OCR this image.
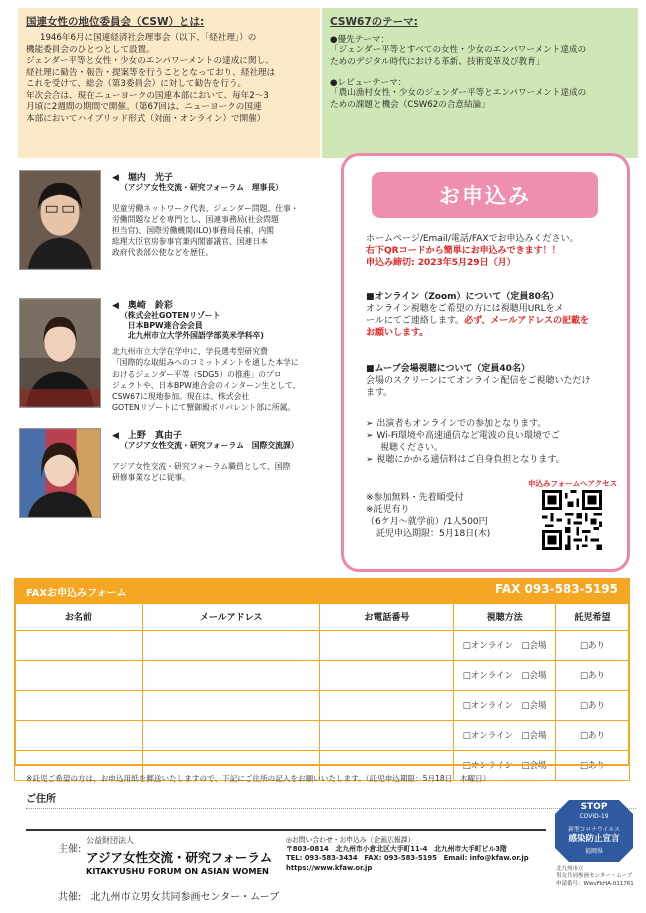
国連女性の地位委員会（CSW）とは:
1946年6月に国連経済社会理事会（以下、「経社理」）の
機能委員会のひとつとして設置。
ジェンダー平等と女性・少女のエンパワーメントの達成に関し、
経社理に勧告・報告・提案等を行うこととなっており、経社理は
これを受けて、総会（第3委員会）に対して勧告を行う。
年次会合は、現在ニューヨークの国連本部において、毎年2～3
月頃に2週間の期間で開催。（第67回は、ニューヨークの国連
本部においてハイブリッド形式（対面・オンライン）で開催）
CSW67のテーマ:
●優先テーマ：
「ジェンダー平等とすべての女性・少女のエンパワーメント達成の
ためのデジタル時代における革新、技術変革及び教育」
●レビューテーマ：
「農山漁村女性・少女のジェンダー平等とエンパワーメント達成の
ための課題と機会（CSW62の合意結論」
◀　堀内　光子
（アジア女性交流・研究フォーラム　理事長）
児童労働ネットワーク代表、ジェンダー問題、仕事・
労働問題などを専門とし、国連事務局(社会問題
担当官)、国際労働機関(ILO)事務局長補、内閣
総理大臣官房参事官兼内閣審議官、国連日本
政府代表部公使などを歴任。
◀　奥崎　鈴彩
（株式会社GOTENリゾート
　日本BPW連合会会員
　北九州市立大学外国語学部英米学科卒)
北九州市立大学在学中に、学長選考型研究費
「国際的な取組みへのコミットメントを通した本学に
おけるジェンダー平等（SDG5）の推進」のプロ
ジェクトや、日本BPW連合会のインターン生として、
CSW67に現地参加。現在は、株式会社
GOTENリゾートにて蟹御殿ボリバレント部に所属。
◀　上野　真由子
（アジア女性交流・研究フォーラム　国際交流課）
アジア女性交流・研究フォーラム職員として、国際
研修事業などに従事。
お申込み
ホームページ/Email/電話/FAXでお申込みください。
右下QRコードから簡単にお申込みできます！！
申込み締切: 2023年5月29日（月）
■オンライン（Zoom）について（定員80名）
オンライン視聴をご希望の方には視聴用URLをメ
ールにてご連絡します。必ず、メールアドレスの記載を
お願いします。
■ムーブ会場視聴について（定員40名）
会場のスクリーンにてオンライン配信をご視聴いただけ
ます。
➢ 出演者もオンラインでの参加となります。
➢ Wi-Fi環境や高速通信など電波の良い環境でご
視聴ください。
➢ 視聴にかかる通信料はご自身負担となります。
申込みフォームへアクセス
※参加無料・先着順受付
※託児有り
（6ケ月～就学前）/1人500円
託児申込期限：5月18日(木)
FAXお申込みフォーム	FAX 093-583-5195
お名前	メールアドレス	お電話番号	視聴方法	託児希望
			□オンライン　□会場	□あり
			□オンライン　□会場	□あり
			□オンライン　□会場	□あり
			□オンライン　□会場	□あり
			□オンライン　□会場	□あり
※託児ご希望の方は、お申込用紙を郵送いたしますので、下記にご住所の記入をお願いいたします。（託児申込期限：5月18日　木曜日）
ご住所
主催:
公益財団法人
アジア女性交流・研究フォーラム
KITAKYUSHU FORUM ON ASIAN WOMEN
◎お問い合わせ・お申込み（企画広報課）
〒803-0814　北九州市小倉北区大手町11-4　北九州市大手町ビル3階
TEL: 093-583-3434　FAX: 093-583-5195　Email: info@kfaw.or.jp
https://www.kfaw.or.jp
共催: 北九州市立男女共同参画センター・ムーブ
STOP
COVID-19
新型コロナウイルス
感染防止宣言
福岡県
北九州市立
男女共同参画センター・ムーブ
申請番号：WwvFkHA-011761
